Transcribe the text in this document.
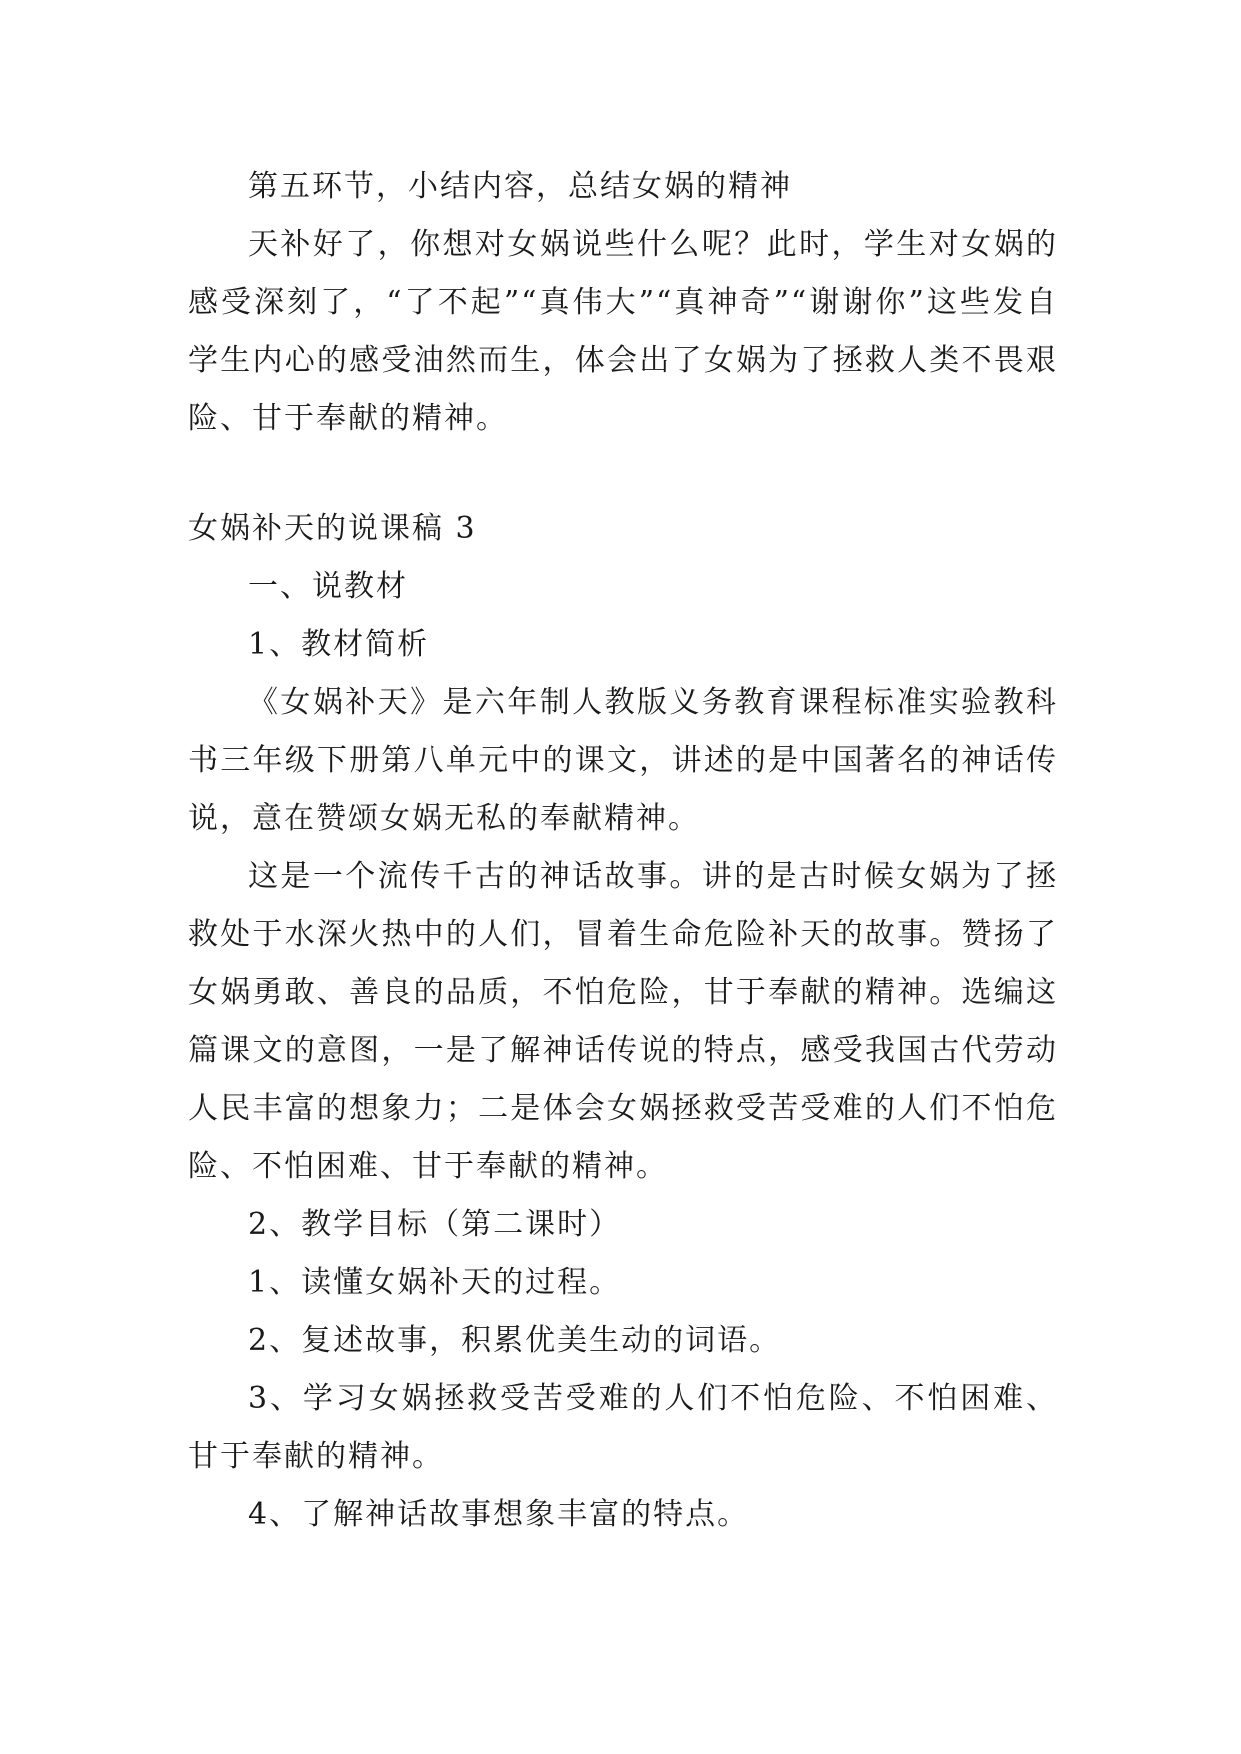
第五环节，小结内容，总结女娲的精神

天补好了，你想对女娲说些什么呢？此时，学生对女娲的感受深刻了，“了不起”“真伟大”“真神奇”“谢谢你”这些发自学生内心的感受油然而生，体会出了女娲为了拯救人类不畏艰险、甘于奉献的精神。

女娲补天的说课稿 3

一、说教材

1、教材简析

《女娲补天》是六年制人教版义务教育课程标准实验教科书三年级下册第八单元中的课文，讲述的是中国著名的神话传说，意在赞颂女娲无私的奉献精神。

这是一个流传千古的神话故事。讲的是古时候女娲为了拯救处于水深火热中的人们，冒着生命危险补天的故事。赞扬了女娲勇敢、善良的品质，不怕危险，甘于奉献的精神。选编这篇课文的意图，一是了解神话传说的特点，感受我国古代劳动人民丰富的想象力；二是体会女娲拯救受苦受难的人们不怕危险、不怕困难、甘于奉献的精神。

2、教学目标（第二课时）

1、读懂女娲补天的过程。

2、复述故事，积累优美生动的词语。

3、学习女娲拯救受苦受难的人们不怕危险、不怕困难、甘于奉献的精神。

4、了解神话故事想象丰富的特点。
